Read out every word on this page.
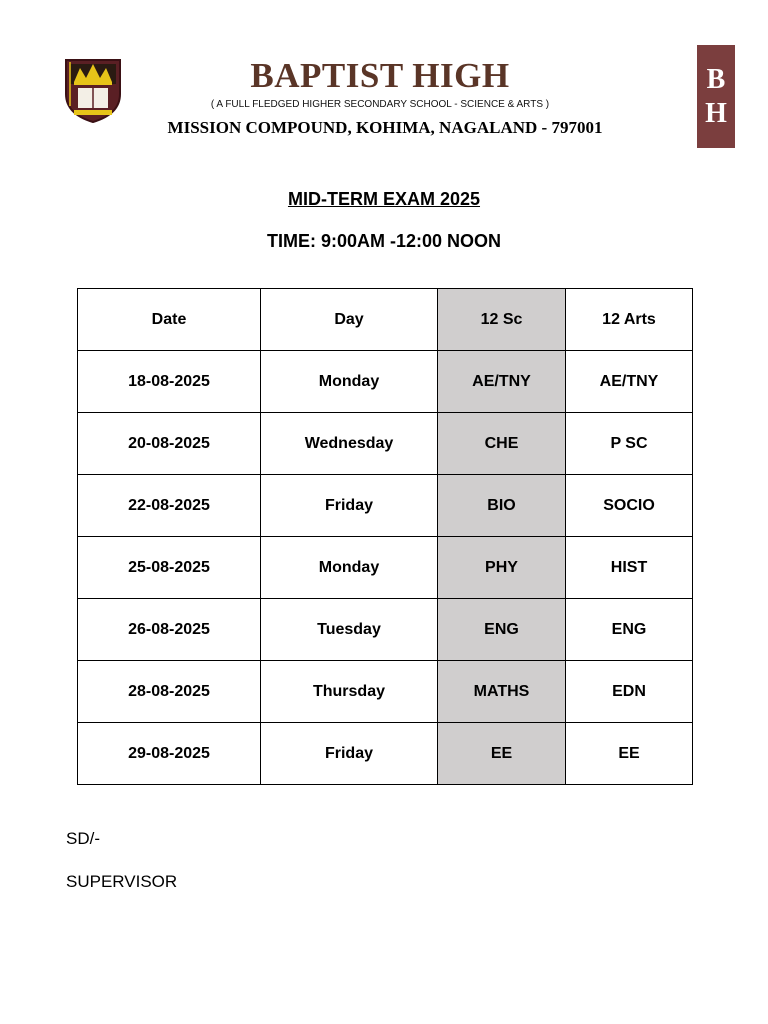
BAPTIST HIGH
( A FULL FLEDGED HIGHER SECONDARY SCHOOL - SCIENCE & ARTS )
MISSION COMPOUND, KOHIMA, NAGALAND - 797001
B
H
MID-TERM EXAM 2025
TIME: 9:00AM -12:00 NOON
Date	Day	12 Sc	12 Arts
18-08-2025	Monday	AE/TNY	AE/TNY
20-08-2025	Wednesday	CHE	P SC
22-08-2025	Friday	BIO	SOCIO
25-08-2025	Monday	PHY	HIST
26-08-2025	Tuesday	ENG	ENG
28-08-2025	Thursday	MATHS	EDN
29-08-2025	Friday	EE	EE
SD/-
SUPERVISOR
